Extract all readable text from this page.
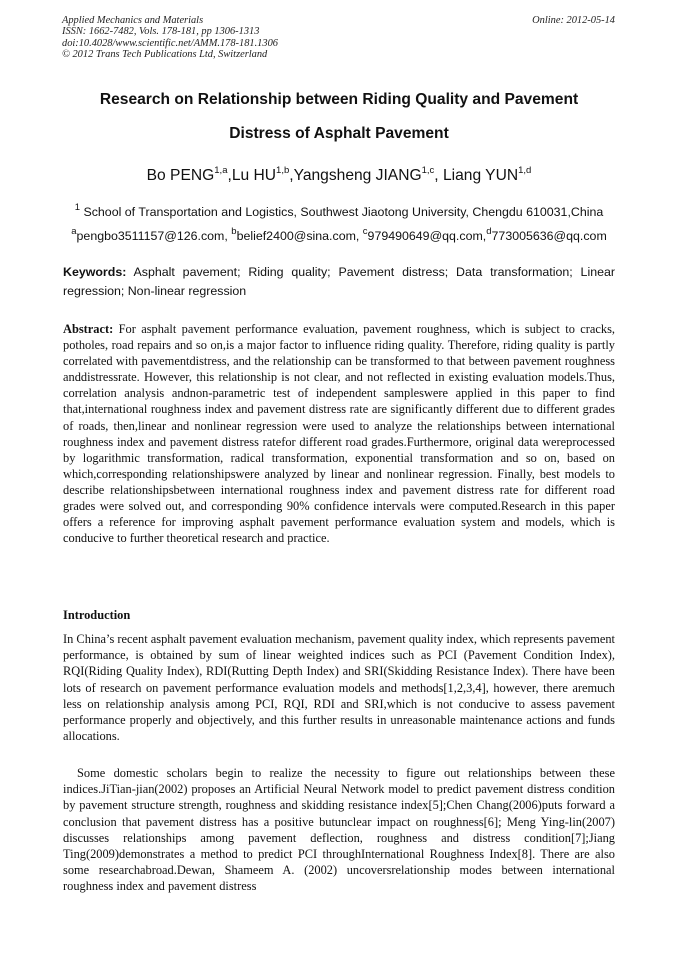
Applied Mechanics and Materials
ISSN: 1662-7482, Vols. 178-181, pp 1306-1313
doi:10.4028/www.scientific.net/AMM.178-181.1306
© 2012 Trans Tech Publications Ltd, Switzerland
Online: 2012-05-14
Research on Relationship between Riding Quality and Pavement
Distress of Asphalt Pavement
Bo PENG$^{1,a}$,Lu HU$^{1,b}$,Yangsheng JIANG$^{1,c}$, Liang YUN$^{1,d}$
$^1$ School of Transportation and Logistics, Southwest Jiaotong University, Chengdu 610031,China
$^a$pengbo3511157@126.com, $^b$belief2400@sina.com, $^c$979490649@qq.com,$^d$773005636@qq.com
Keywords: Asphalt pavement; Riding quality; Pavement distress; Data transformation; Linear regression; Non-linear regression
Abstract: For asphalt pavement performance evaluation, pavement roughness, which is subject to cracks, potholes, road repairs and so on,is a major factor to influence riding quality. Therefore, riding quality is partly correlated with pavementdistress, and the relationship can be transformed to that between pavement roughness anddistressrate. However, this relationship is not clear, and not reflected in existing evaluation models.Thus, correlation analysis andnon-parametric test of independent sampleswere applied in this paper to find that,international roughness index and pavement distress rate are significantly different due to different grades of roads, then,linear and nonlinear regression were used to analyze the relationships between international roughness index and pavement distress ratefor different road grades.Furthermore, original data wereprocessed by logarithmic transformation, radical transformation, exponential transformation and so on, based on which,corresponding relationshipswere analyzed by linear and nonlinear regression. Finally, best models to describe relationshipsbetween international roughness index and pavement distress rate for different road grades were solved out, and corresponding 90% confidence intervals were computed.Research in this paper offers a reference for improving asphalt pavement performance evaluation system and models, which is conducive to further theoretical research and practice.
Introduction

In China’s recent asphalt pavement evaluation mechanism, pavement quality index, which represents pavement performance, is obtained by sum of linear weighted indices such as PCI (Pavement Condition Index), RQI(Riding Quality Index), RDI(Rutting Depth Index) and SRI(Skidding Resistance Index). There have been lots of research on pavement performance evaluation models and methods[1,2,3,4], however, there aremuch less on relationship analysis among PCI, RQI, RDI and SRI,which is not conducive to assess pavement performance properly and objectively, and this further results in unreasonable maintenance actions and funds allocations.

Some domestic scholars begin to realize the necessity to figure out relationships between these indices.JiTian-jian(2002) proposes an Artificial Neural Network model to predict pavement distress condition by pavement structure strength, roughness and skidding resistance index[5];Chen Chang(2006)puts forward a conclusion that pavement distress has a positive butunclear impact on roughness[6]; Meng Ying-lin(2007) discusses relationships among pavement deflection, roughness and distress condition[7];Jiang Ting(2009)demonstrates a method to predict PCI throughInternational Roughness Index[8]. There are also some researchabroad.Dewan, Shameem A. (2002) uncoversrelationship modes between international roughness index and pavement distress
